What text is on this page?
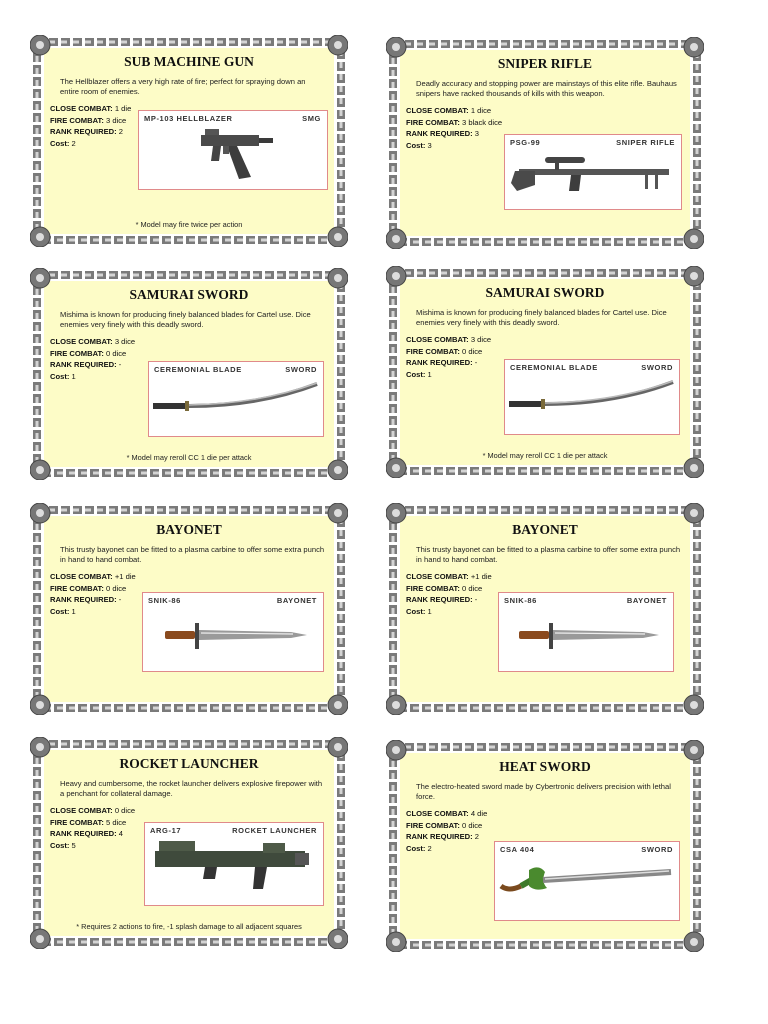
SUB MACHINE GUN
The Hellblazer offers a very high rate of fire; perfect for spraying down an entire room of enemies.
CLOSE COMBAT: 1 die
FIRE COMBAT: 3 dice
RANK REQUIRED: 2
Cost: 2
MP-103 HELLBLAZER	SMG
* Model may fire twice per action
SNIPER RIFLE
Deadly accuracy and stopping power are mainstays of this elite rifle. Bauhaus snipers have racked thousands of kills with this weapon.
CLOSE COMBAT: 1 dice
FIRE COMBAT: 3 black dice
RANK REQUIRED: 3
Cost: 3	PSG-99	SNIPER RIFLE
SAMURAI SWORD
Mishima is known for producing finely balanced blades for Cartel use. Dice enemies very finely with this deadly sword.
CLOSE COMBAT: 3 dice
FIRE COMBAT: 0 dice
RANK REQUIRED: -
Cost: 1
CEREMONIAL BLADE	SWORD
* Model may reroll CC 1 die per attack
SAMURAI SWORD
Mishima is known for producing finely balanced blades for Cartel use. Dice enemies very finely with this deadly sword.
CLOSE COMBAT: 3 dice
FIRE COMBAT: 0 dice
RANK REQUIRED: -
Cost: 1
CEREMONIAL BLADE	SWORD
* Model may reroll CC 1 die per attack
BAYONET
This trusty bayonet can be fitted to a plasma carbine to offer some extra punch in hand to hand combat.
CLOSE COMBAT: +1 die
FIRE COMBAT: 0 dice
RANK REQUIRED: -
Cost: 1
SNIK-86	BAYONET
BAYONET
This trusty bayonet can be fitted to a plasma carbine to offer some extra punch in hand to hand combat.
CLOSE COMBAT: +1 die
FIRE COMBAT: 0 dice
RANK REQUIRED: -
Cost: 1
SNIK-86	BAYONET
ROCKET LAUNCHER
Heavy and cumbersome, the rocket launcher delivers explosive firepower with a penchant for collateral damage.
CLOSE COMBAT: 0 dice
FIRE COMBAT: 5 dice
RANK REQUIRED: 4
Cost: 5
ARG-17	ROCKET LAUNCHER
* Requires 2 actions to fire, -1 splash damage to all adjacent squares
HEAT SWORD
The electro-heated sword made by Cybertronic delivers precision with lethal force.
CLOSE COMBAT: 4 die
FIRE COMBAT: 0 dice
RANK REQUIRED: 2
Cost: 2	CSA 404	SWORD
